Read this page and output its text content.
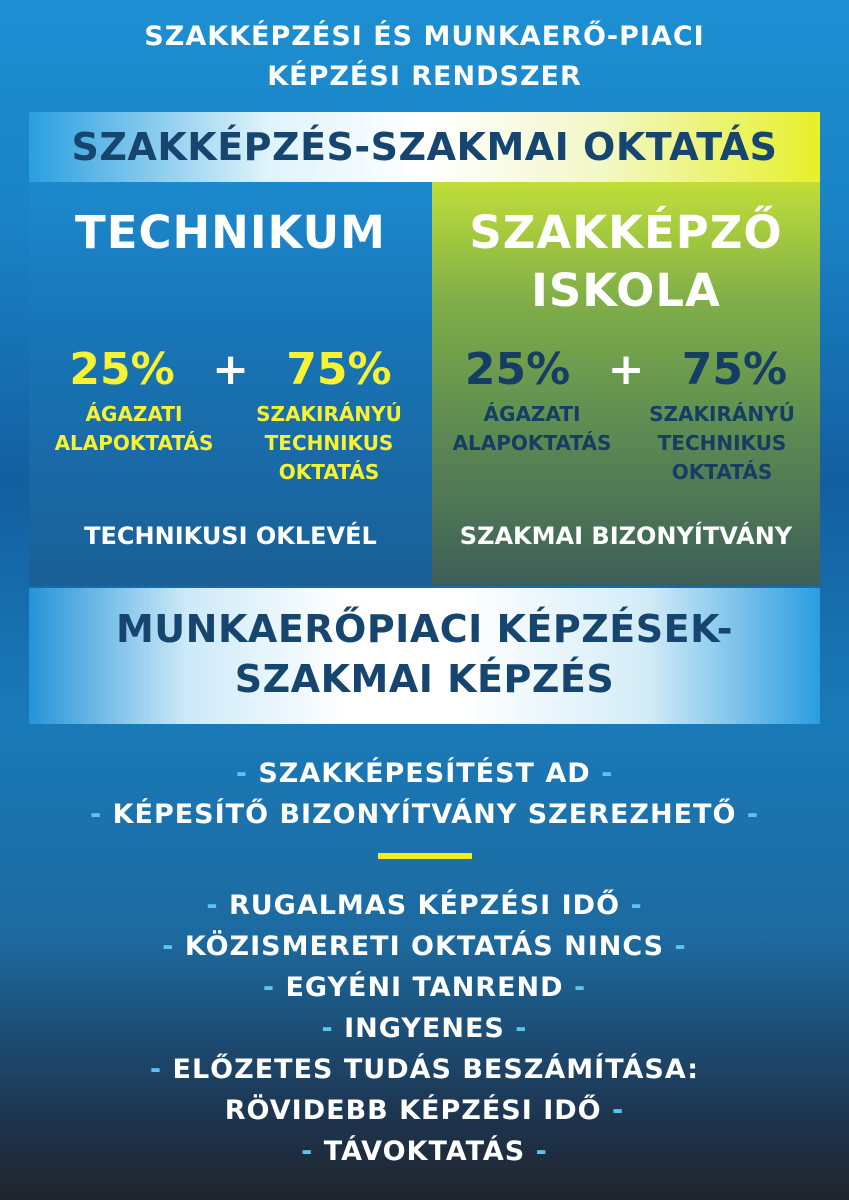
SZAKKÉPZÉSI ÉS MUNKAERŐ-PIACI
KÉPZÉSI RENDSZER
SZAKKÉPZÉS-SZAKMAI OKTATÁS
TECHNIKUM
25% + 75%
ÁGAZATI
ALAPOKTATÁS
SZAKIRÁNYÚ
TECHNIKUS
OKTATÁS
TECHNIKUSI OKLEVÉL
SZAKKÉPZŐ
ISKOLA
25% + 75%
ÁGAZATI
ALAPOKTATÁS
SZAKIRÁNYÚ
TECHNIKUS
OKTATÁS
SZAKMAI BIZONYÍTVÁNY
MUNKAERŐPIACI KÉPZÉSEK-
SZAKMAI KÉPZÉS
- SZAKKÉPESÍTÉST AD -
- KÉPESÍTŐ BIZONYÍTVÁNY SZEREZHETŐ -
- RUGALMAS KÉPZÉSI IDŐ -
- KÖZISMERETI OKTATÁS NINCS -
- EGYÉNI TANREND -
- INGYENES -
- ELŐZETES TUDÁS BESZÁMÍTÁSA:
RÖVIDEBB KÉPZÉSI IDŐ -
- TÁVOKTATÁS -
